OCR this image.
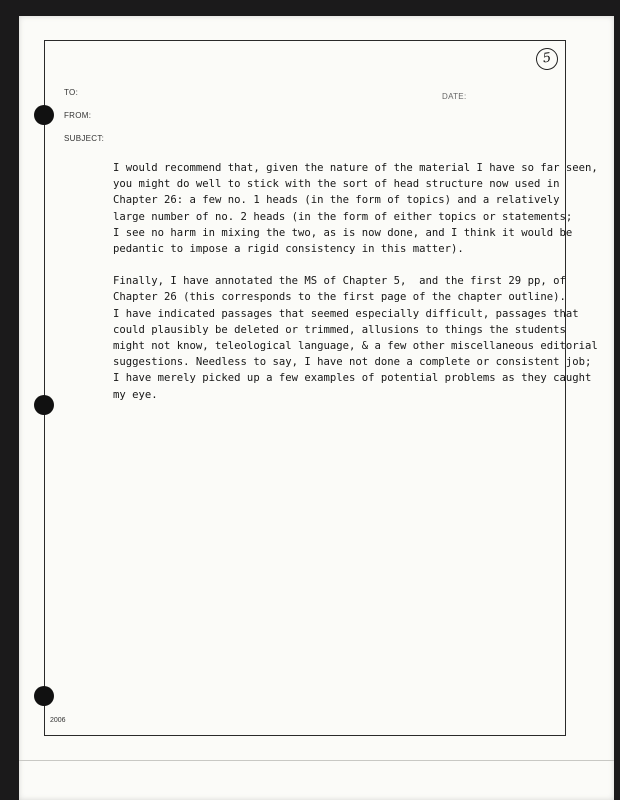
5
TO:
FROM:
SUBJECT:
DATE:

I would recommend that, given the nature of the material I have so far seen,
you might do well to stick with the sort of head structure now used in
Chapter 26: a few no. 1 heads (in the form of topics) and a relatively
large number of no. 2 heads (in the form of either topics or statements;
I see no harm in mixing the two, as is now done, and I think it would be
pedantic to impose a rigid consistency in this matter).

Finally, I have annotated the MS of Chapter 5,  and the first 29 pp, of
Chapter 26 (this corresponds to the first page of the chapter outline).
I have indicated passages that seemed especially difficult, passages that
could plausibly be deleted or trimmed, allusions to things the students
might not know, teleological language, & a few other miscellaneous editorial
suggestions. Needless to say, I have not done a complete or consistent job;
I have merely picked up a few examples of potential problems as they caught
my eye.

2006
